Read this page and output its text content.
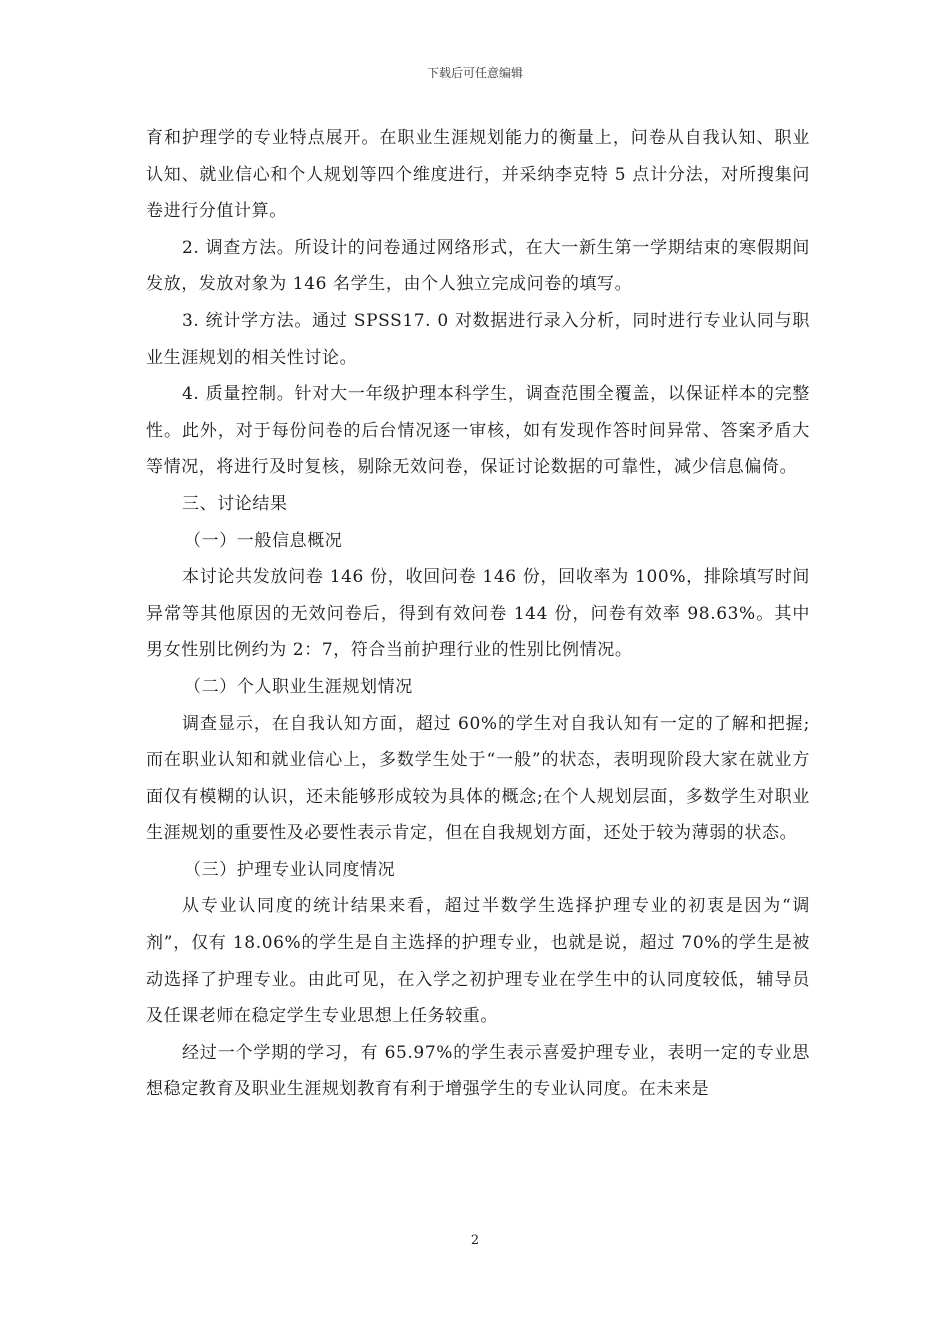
下载后可任意编辑

育和护理学的专业特点展开。在职业生涯规划能力的衡量上，问卷从自我认知、职业认知、就业信心和个人规划等四个维度进行，并采纳李克特 5 点计分法，对所搜集问卷进行分值计算。

2. 调查方法。所设计的问卷通过网络形式，在大一新生第一学期结束的寒假期间发放，发放对象为 146 名学生，由个人独立完成问卷的填写。

3. 统计学方法。通过 SPSS17. 0 对数据进行录入分析，同时进行专业认同与职业生涯规划的相关性讨论。

4. 质量控制。针对大一年级护理本科学生，调查范围全覆盖，以保证样本的完整性。此外，对于每份问卷的后台情况逐一审核，如有发现作答时间异常、答案矛盾大等情况，将进行及时复核，剔除无效问卷，保证讨论数据的可靠性，减少信息偏倚。

三、讨论结果

（一）一般信息概况

本讨论共发放问卷 146 份，收回问卷 146 份，回收率为 100%，排除填写时间异常等其他原因的无效问卷后，得到有效问卷 144 份，问卷有效率 98.63%。其中男女性别比例约为 2：7，符合当前护理行业的性别比例情况。

（二）个人职业生涯规划情况

调查显示，在自我认知方面，超过 60%的学生对自我认知有一定的了解和把握;而在职业认知和就业信心上，多数学生处于“一般”的状态，表明现阶段大家在就业方面仅有模糊的认识，还未能够形成较为具体的概念;在个人规划层面，多数学生对职业生涯规划的重要性及必要性表示肯定，但在自我规划方面，还处于较为薄弱的状态。

（三）护理专业认同度情况

从专业认同度的统计结果来看，超过半数学生选择护理专业的初衷是因为“调剂”，仅有 18.06%的学生是自主选择的护理专业，也就是说，超过 70%的学生是被动选择了护理专业。由此可见，在入学之初护理专业在学生中的认同度较低，辅导员及任课老师在稳定学生专业思想上任务较重。

经过一个学期的学习，有 65.97%的学生表示喜爱护理专业，表明一定的专业思想稳定教育及职业生涯规划教育有利于增强学生的专业认同度。在未来是

2
